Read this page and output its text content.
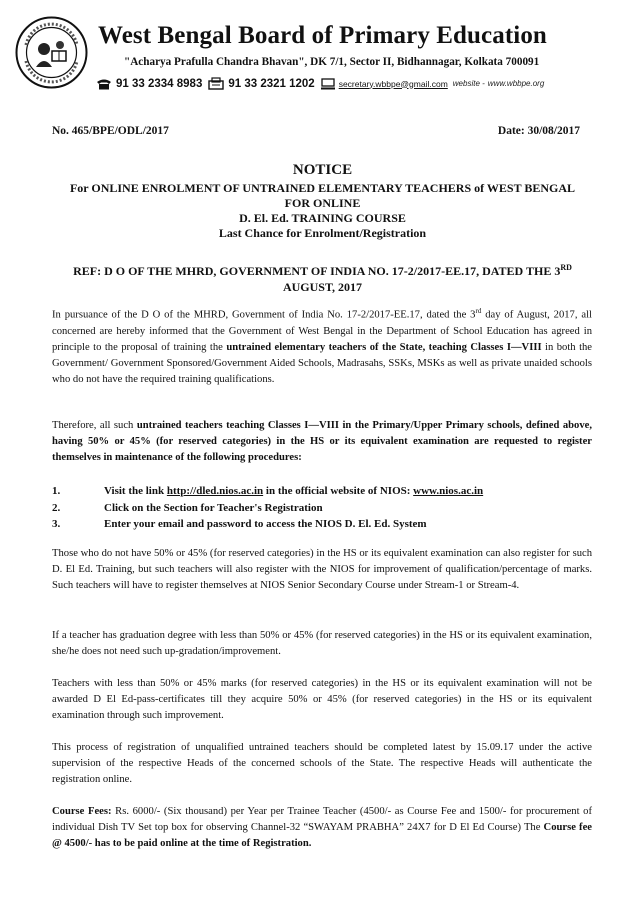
West Bengal Board of Primary Education
"Acharya Prafulla Chandra Bhavan", DK 7/1, Sector II, Bidhannagar, Kolkata 700091
91 33 2334 8983 91 33 2321 1202	secretary.wbbpe@gmail.com website - www.wbbpe.org
No. 465/BPE/ODL/2017	Date: 30/08/2017
NOTICE
For ONLINE ENROLMENT OF UNTRAINED ELEMENTARY TEACHERS of WEST BENGAL
FOR ONLINE
D. El. Ed. TRAINING COURSE
Last Chance for Enrolment/Registration
REF: D O OF THE MHRD, GOVERNMENT OF INDIA NO. 17-2/2017-EE.17, DATED THE 3RD
AUGUST, 2017
In pursuance of the D O of the MHRD, Government of India No. 17-2/2017-EE.17, dated the 3rd day of August, 2017, all concerned are hereby informed that the Government of West Bengal in the Department of School Education has agreed in principle to the proposal of training the untrained elementary teachers of the State, teaching Classes I—VIII in both the Government/ Government Sponsored/Government Aided Schools, Madrasahs, SSKs, MSKs as well as private unaided schools who do not have the required training qualifications.
Therefore, all such untrained teachers teaching Classes I—VIII in the Primary/Upper Primary schools, defined above, having 50% or 45% (for reserved categories) in the HS or its equivalent examination are requested to register themselves in maintenance of the following procedures:
1.	Visit the link http://dled.nios.ac.in in the official website of NIOS: www.nios.ac.in
2.	Click on the Section for Teacher's Registration
3.	Enter your email and password to access the NIOS D. El. Ed. System
Those who do not have 50% or 45% (for reserved categories) in the HS or its equivalent examination can also register for such D. El Ed. Training, but such teachers will also register with the NIOS for improvement of qualification/percentage of marks. Such teachers will have to register themselves at NIOS Senior Secondary Course under Stream-1 or Stream-4.
If a teacher has graduation degree with less than 50% or 45% (for reserved categories) in the HS or its equivalent examination, she/he does not need such up-gradation/improvement.
Teachers with less than 50% or 45% marks (for reserved categories) in the HS or its equivalent examination will not be awarded D El Ed-pass-certificates till they acquire 50% or 45% (for reserved categories) in the HS or its equivalent examination through such improvement.
This process of registration of unqualified untrained teachers should be completed latest by 15.09.17 under the active supervision of the respective Heads of the concerned schools of the State. The respective Heads will authenticate the registration online.
Course Fees: Rs. 6000/- (Six thousand) per Year per Trainee Teacher (4500/- as Course Fee and 1500/- for procurement of individual Dish TV Set top box for observing Channel-32 “SWAYAM PRABHA” 24X7 for D El Ed Course) The Course fee @ 4500/- has to be paid online at the time of Registration.
